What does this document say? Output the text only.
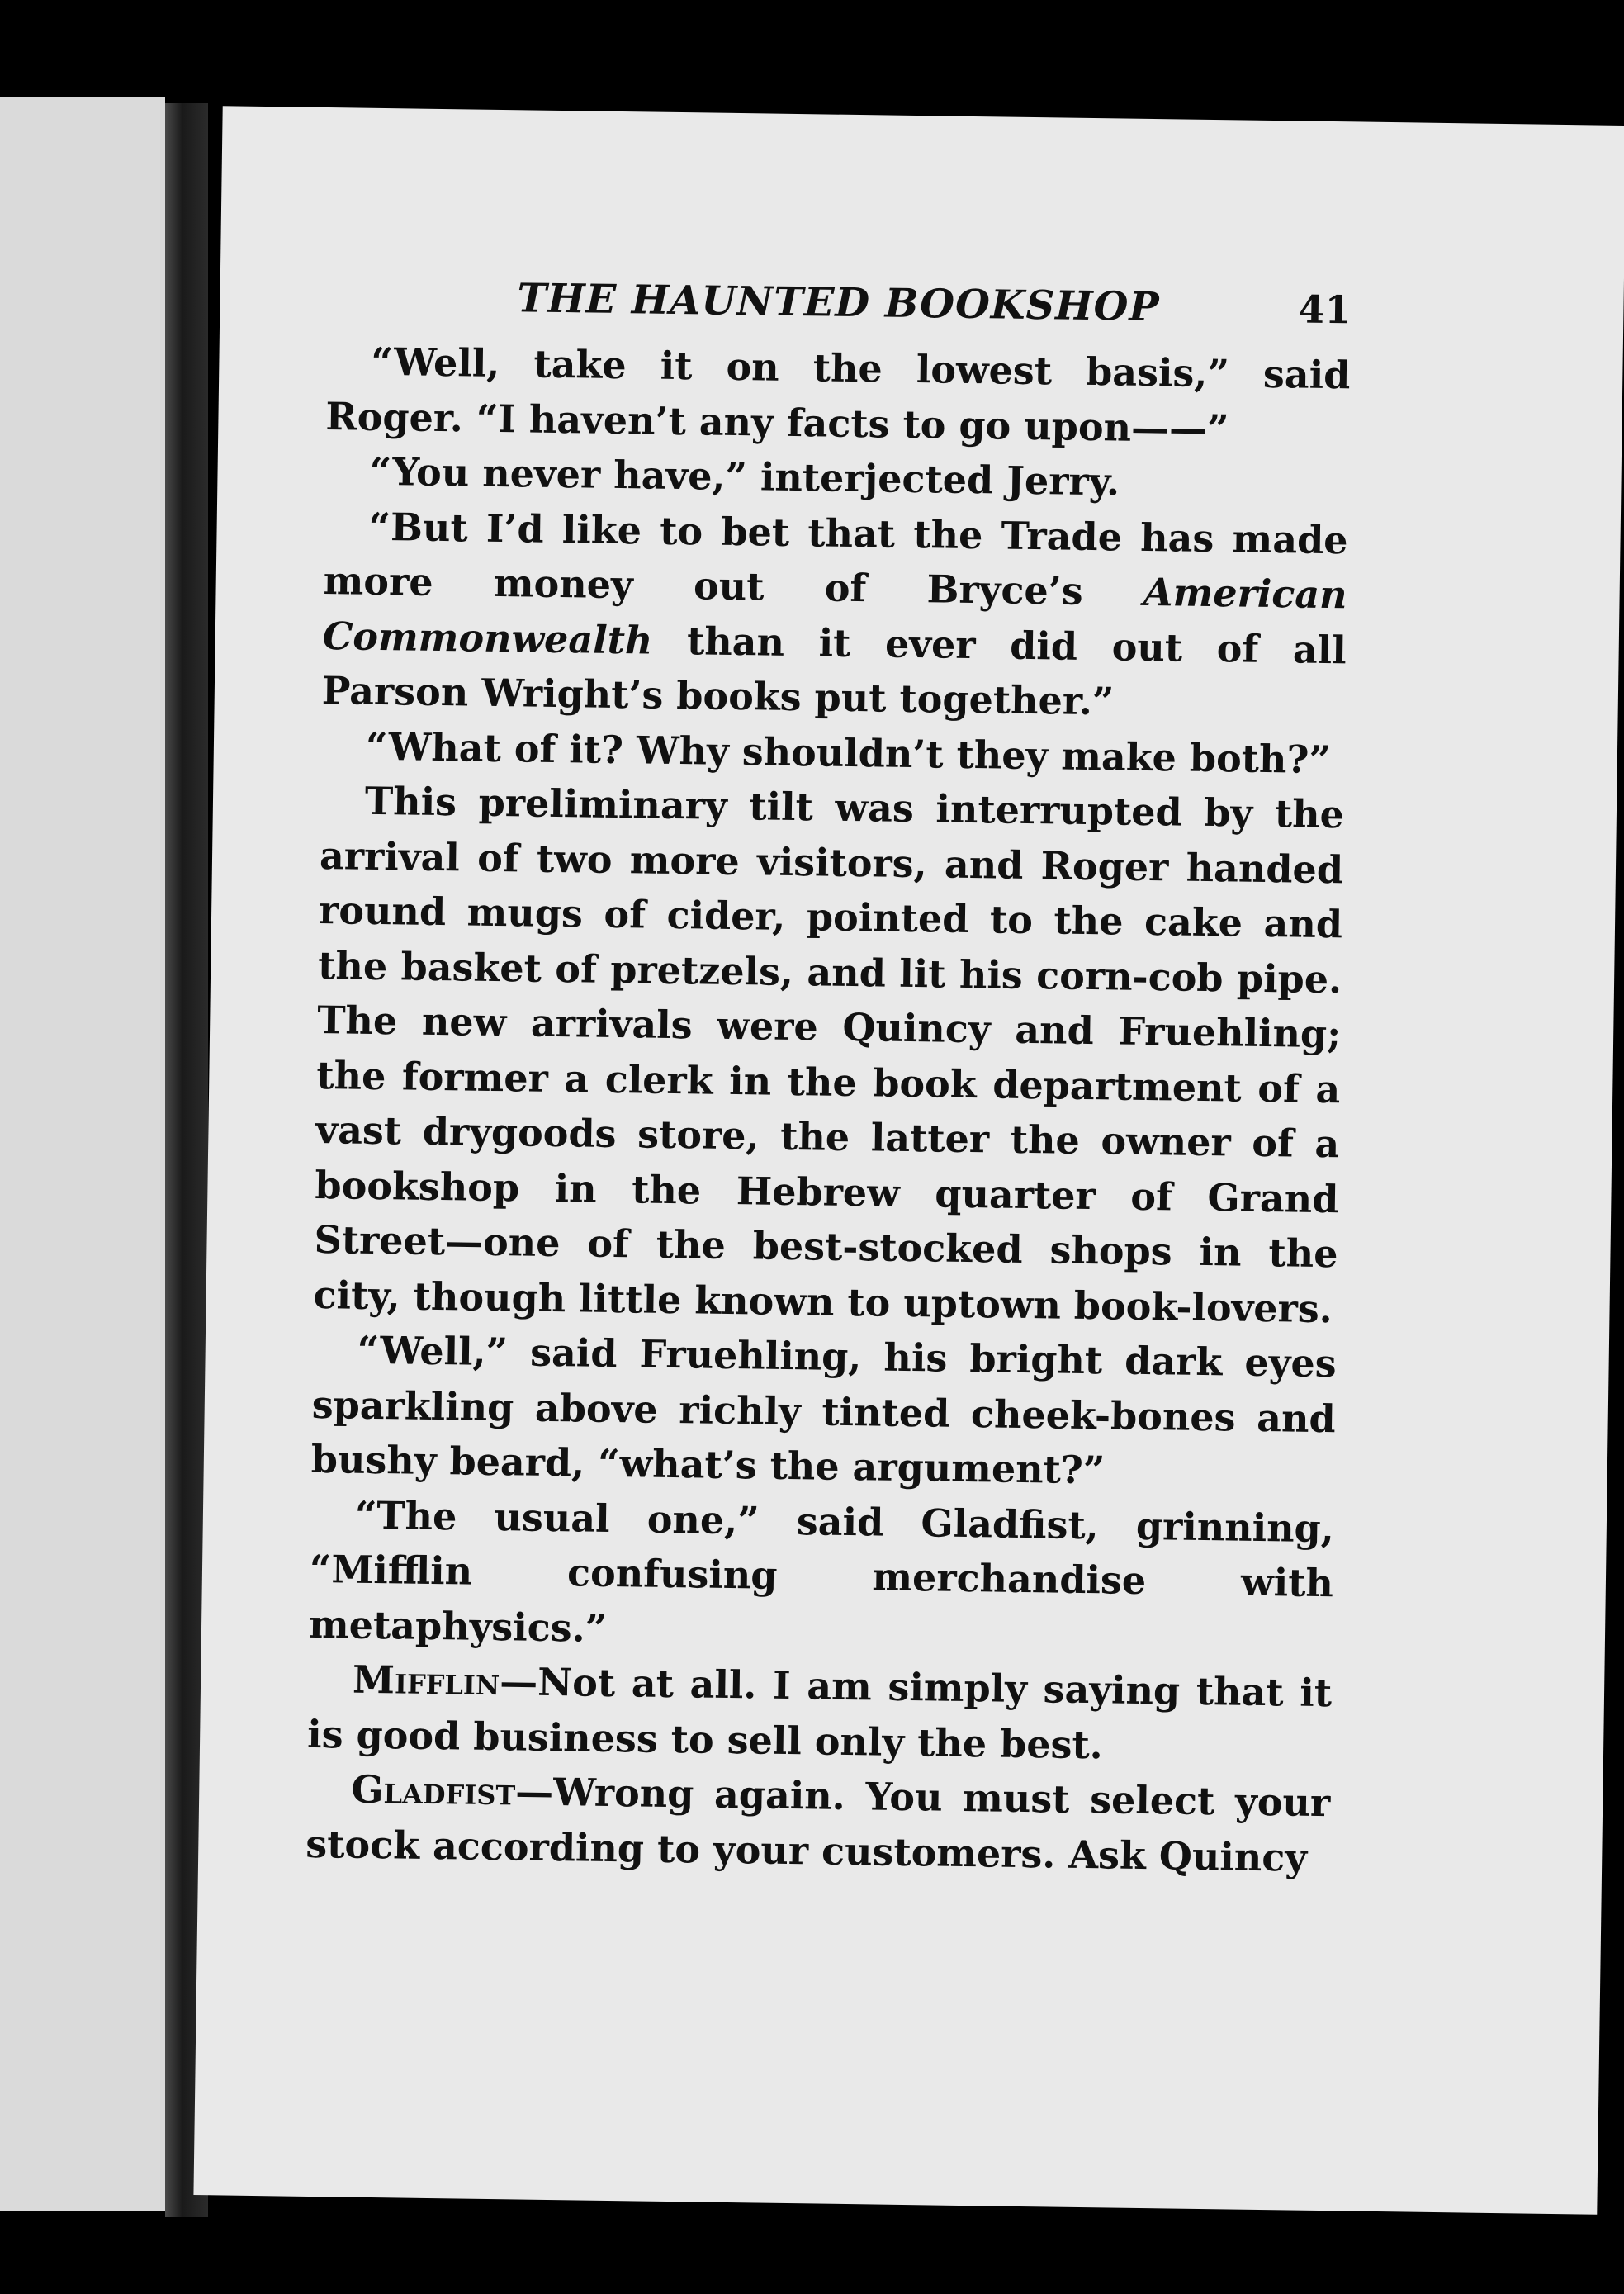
THE HAUNTED BOOKSHOP	41

“Well, take it on the lowest basis,” said Roger. “I haven’t any facts to go upon——”

“You never have,” interjected Jerry.

“But I’d like to bet that the Trade has made more money out of Bryce’s American Commonwealth than it ever did out of all Parson Wright’s books put together.”

“What of it? Why shouldn’t they make both?”

This preliminary tilt was interrupted by the arrival of two more visitors, and Roger handed round mugs of cider, pointed to the cake and the basket of pretzels, and lit his corn-cob pipe. The new arrivals were Quincy and Fruehling; the former a clerk in the book department of a vast drygoods store, the latter the owner of a bookshop in the Hebrew quarter of Grand Street—one of the best-stocked shops in the city, though little known to uptown book-lovers.

“Well,” said Fruehling, his bright dark eyes sparkling above richly tinted cheek-bones and bushy beard, “what’s the argument?”

“The usual one,” said Gladfist, grinning, “Mifflin confusing merchandise with metaphysics.”

Mifflin—Not at all. I am simply saying that it is good business to sell only the best.

Gladfist—Wrong again. You must select your stock according to your customers. Ask Quincy
